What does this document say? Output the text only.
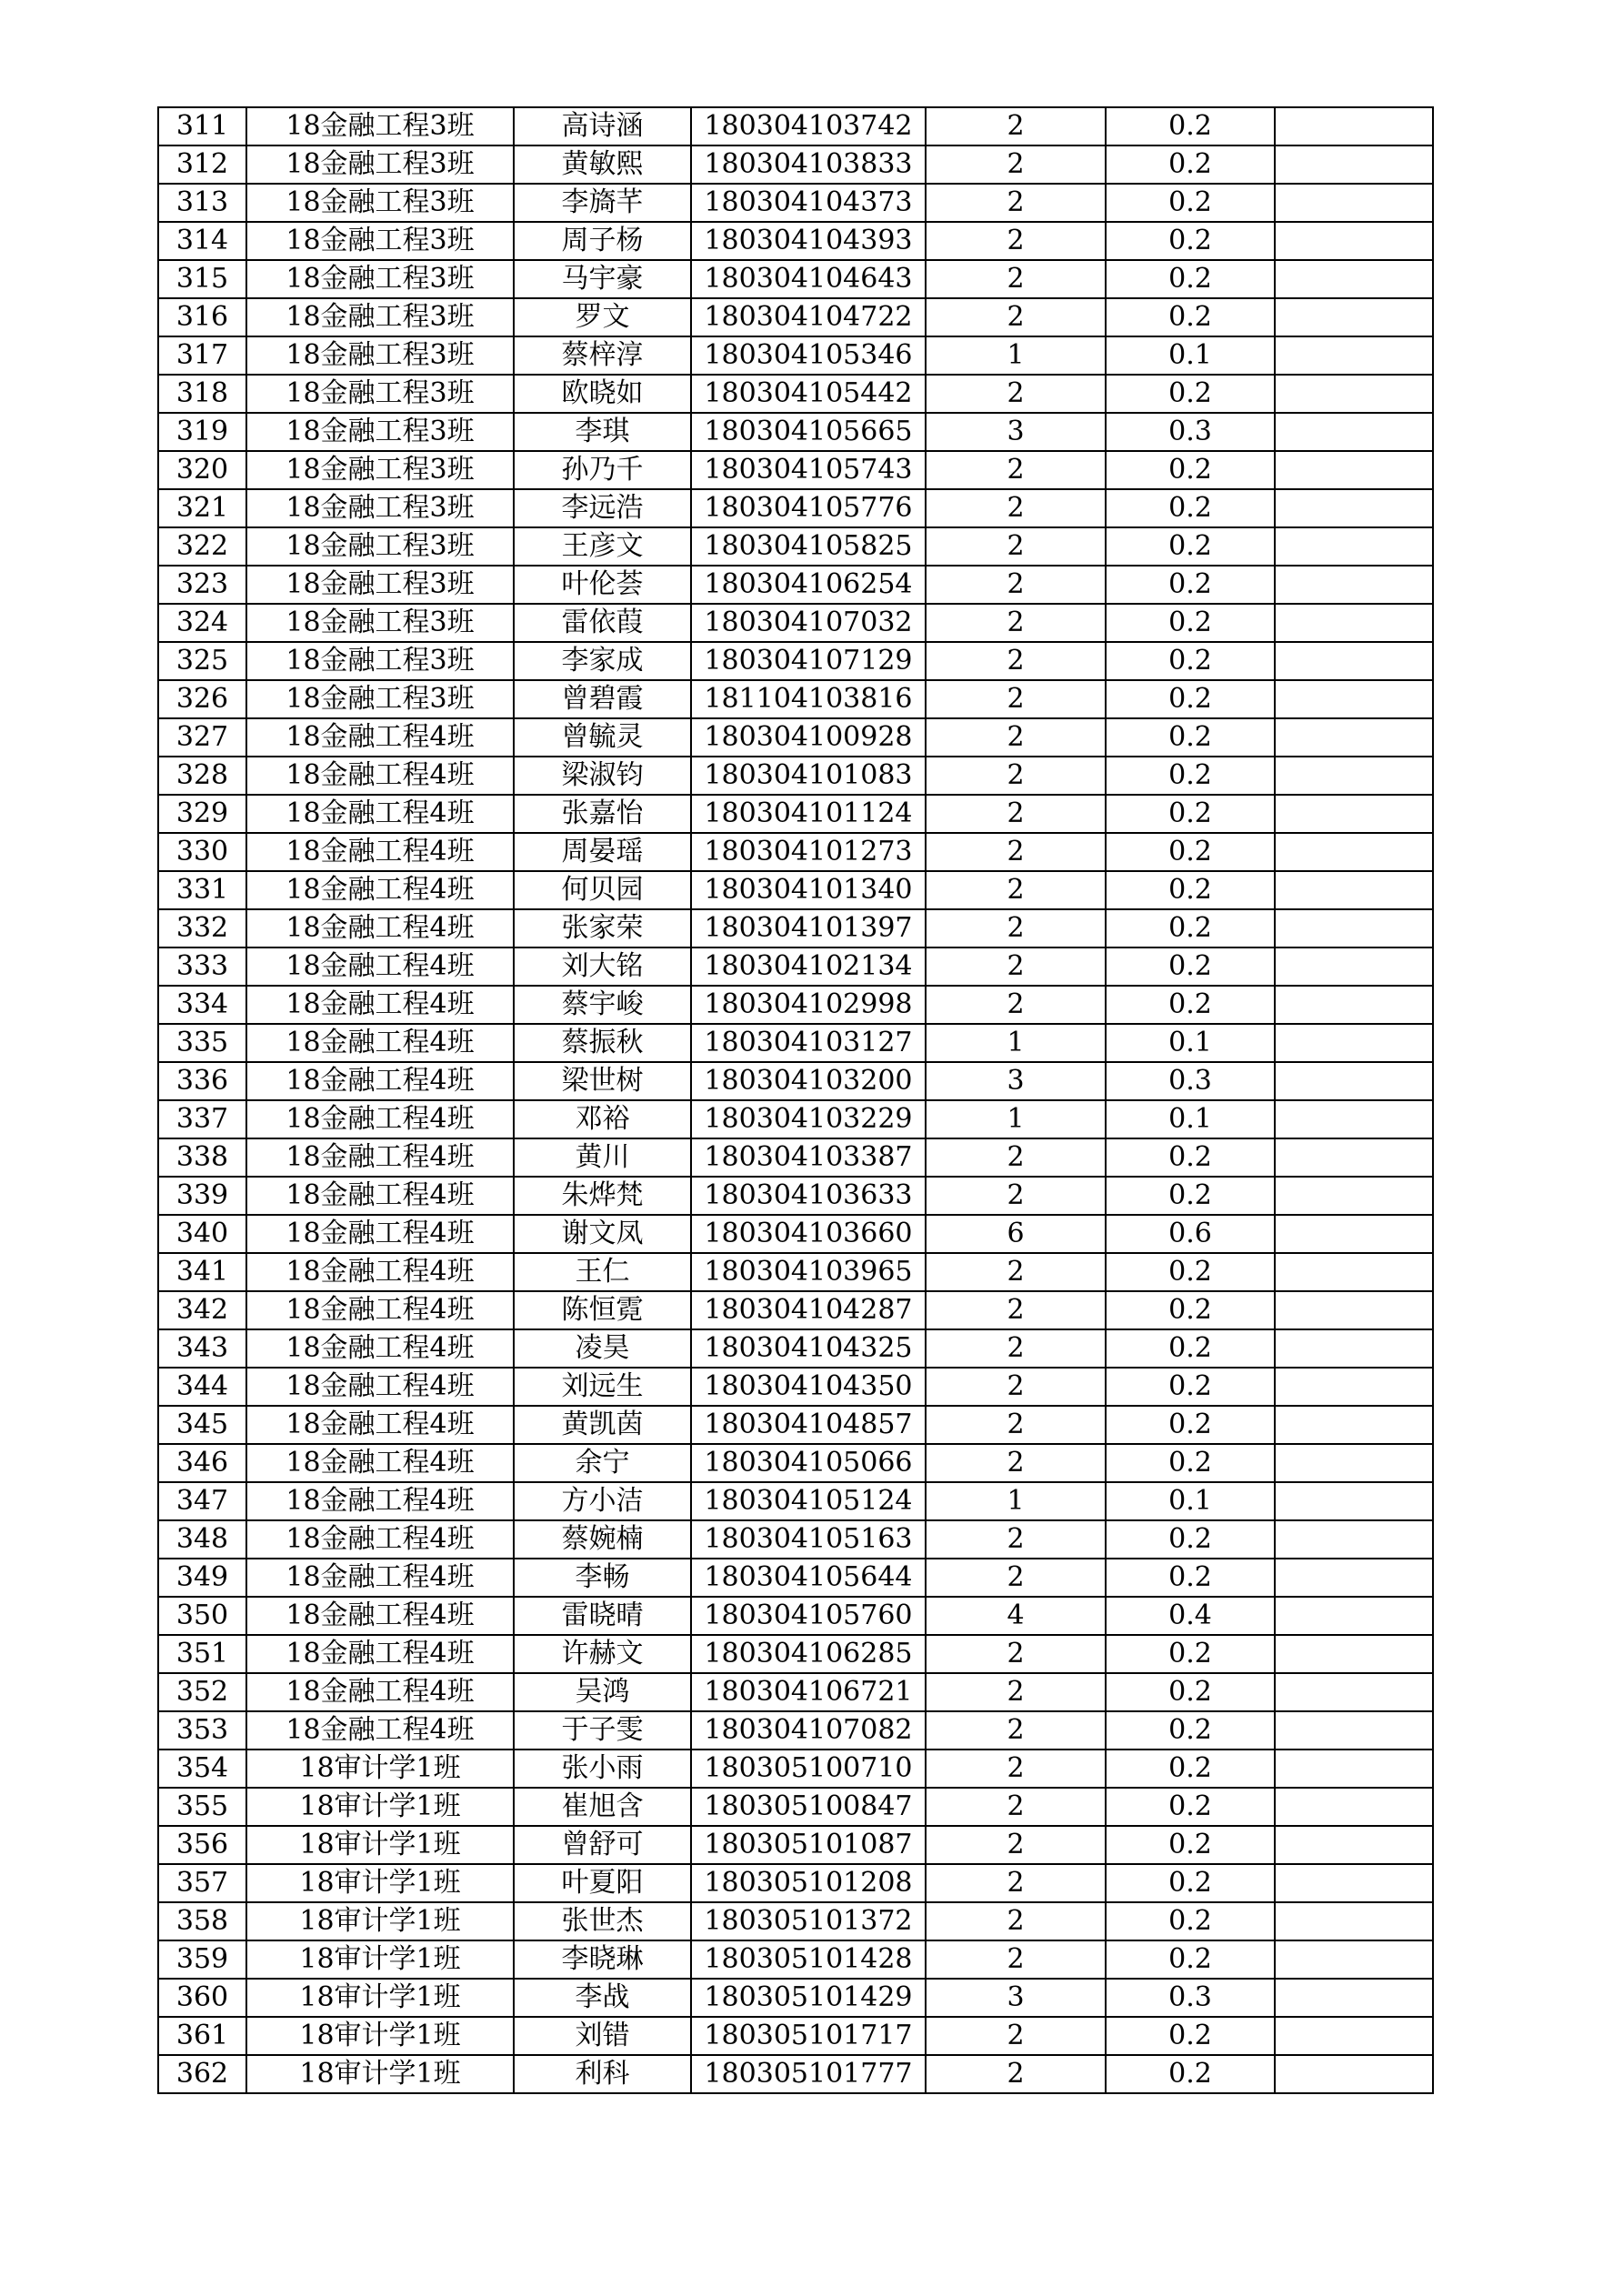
311	18金融工程3班	高诗涵	180304103742	2	0.2	
312	18金融工程3班	黄敏熙	180304103833	2	0.2	
313	18金融工程3班	李旖芊	180304104373	2	0.2	
314	18金融工程3班	周子杨	180304104393	2	0.2	
315	18金融工程3班	马宇豪	180304104643	2	0.2	
316	18金融工程3班	罗文	180304104722	2	0.2	
317	18金融工程3班	蔡梓淳	180304105346	1	0.1	
318	18金融工程3班	欧晓如	180304105442	2	0.2	
319	18金融工程3班	李琪	180304105665	3	0.3	
320	18金融工程3班	孙乃千	180304105743	2	0.2	
321	18金融工程3班	李远浩	180304105776	2	0.2	
322	18金融工程3班	王彦文	180304105825	2	0.2	
323	18金融工程3班	叶伦荟	180304106254	2	0.2	
324	18金融工程3班	雷依葭	180304107032	2	0.2	
325	18金融工程3班	李家成	180304107129	2	0.2	
326	18金融工程3班	曾碧霞	181104103816	2	0.2	
327	18金融工程4班	曾毓灵	180304100928	2	0.2	
328	18金融工程4班	梁淑钧	180304101083	2	0.2	
329	18金融工程4班	张嘉怡	180304101124	2	0.2	
330	18金融工程4班	周晏瑶	180304101273	2	0.2	
331	18金融工程4班	何贝园	180304101340	2	0.2	
332	18金融工程4班	张家荣	180304101397	2	0.2	
333	18金融工程4班	刘大铭	180304102134	2	0.2	
334	18金融工程4班	蔡宇峻	180304102998	2	0.2	
335	18金融工程4班	蔡振秋	180304103127	1	0.1	
336	18金融工程4班	梁世树	180304103200	3	0.3	
337	18金融工程4班	邓裕	180304103229	1	0.1	
338	18金融工程4班	黄川	180304103387	2	0.2	
339	18金融工程4班	朱烨梵	180304103633	2	0.2	
340	18金融工程4班	谢文凤	180304103660	6	0.6	
341	18金融工程4班	王仁	180304103965	2	0.2	
342	18金融工程4班	陈恒霓	180304104287	2	0.2	
343	18金融工程4班	凌昊	180304104325	2	0.2	
344	18金融工程4班	刘远生	180304104350	2	0.2	
345	18金融工程4班	黄凯茵	180304104857	2	0.2	
346	18金融工程4班	余宁	180304105066	2	0.2	
347	18金融工程4班	方小洁	180304105124	1	0.1	
348	18金融工程4班	蔡婉楠	180304105163	2	0.2	
349	18金融工程4班	李畅	180304105644	2	0.2	
350	18金融工程4班	雷晓晴	180304105760	4	0.4	
351	18金融工程4班	许赫文	180304106285	2	0.2	
352	18金融工程4班	吴鸿	180304106721	2	0.2	
353	18金融工程4班	于子雯	180304107082	2	0.2	
354	18审计学1班	张小雨	180305100710	2	0.2	
355	18审计学1班	崔旭含	180305100847	2	0.2	
356	18审计学1班	曾舒可	180305101087	2	0.2	
357	18审计学1班	叶夏阳	180305101208	2	0.2	
358	18审计学1班	张世杰	180305101372	2	0.2	
359	18审计学1班	李晓琳	180305101428	2	0.2	
360	18审计学1班	李战	180305101429	3	0.3	
361	18审计学1班	刘错	180305101717	2	0.2	
362	18审计学1班	利科	180305101777	2	0.2	
